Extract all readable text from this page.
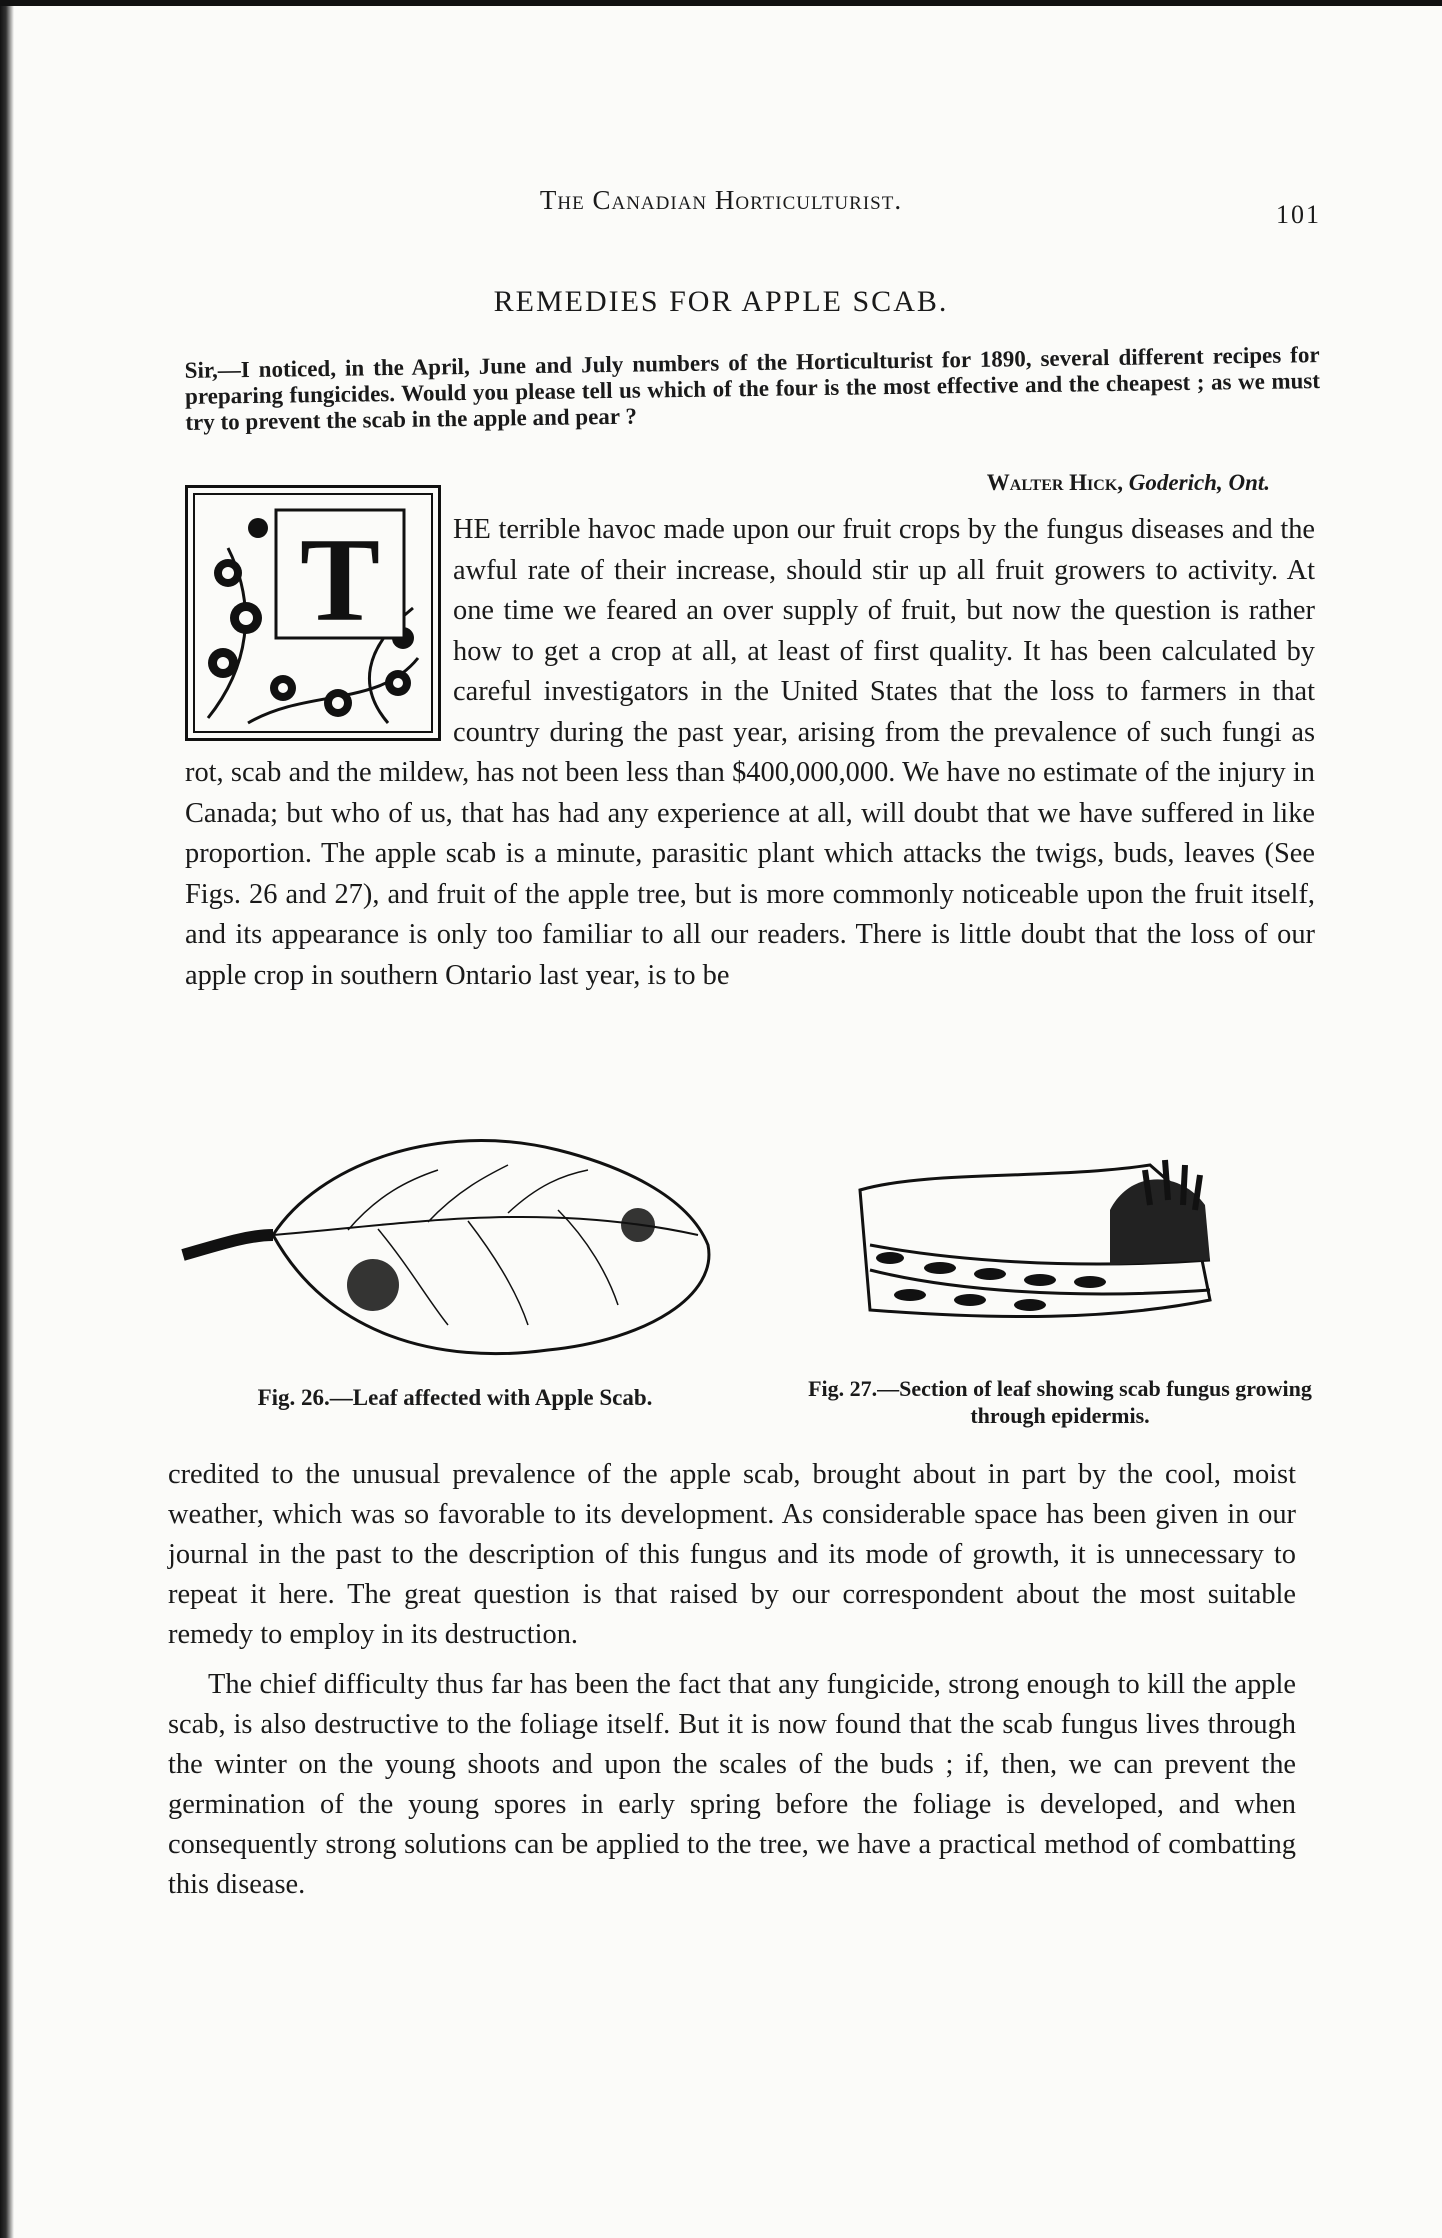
The Canadian Horticulturist.	101
REMEDIES FOR APPLE SCAB.
Sir,—I noticed, in the April, June and July numbers of the Horticulturist for 1890, several different recipes for preparing fungicides. Would you please tell us which of the four is the most effective and the cheapest ; as we must try to prevent the scab in the apple and pear ?
Walter Hick, Goderich, Ont.
T	HE terrible havoc made upon our fruit crops by the fungus diseases and the awful rate of their increase, should stir up all fruit growers to activity. At one time we feared an over supply of fruit, but now the question is rather how to get a crop at all, at least of first quality. It has been calculated by careful investigators in the United States that the loss to farmers in that country during the past year, arising from the prevalence of such fungi as rot, scab and the mildew, has not been less than $400,000,000. We have no estimate of the injury in Canada; but who of us, that has had any experience at all, will doubt that we have suffered in like proportion. The apple scab is a minute, parasitic plant which attacks the twigs, buds, leaves (See Figs. 26 and 27), and fruit of the apple tree, but is more commonly noticeable upon the fruit itself, and its appearance is only too familiar to all our readers. There is little doubt that the loss of our apple crop in southern Ontario last year, is to be

Fig. 26.—Leaf affected with Apple Scab.	Fig. 27.—Section of leaf showing scab fungus growing through epidermis.

credited to the unusual prevalence of the apple scab, brought about in part by the cool, moist weather, which was so favorable to its development. As considerable space has been given in our journal in the past to the description of this fungus and its mode of growth, it is unnecessary to repeat it here. The great question is that raised by our correspondent about the most suitable remedy to employ in its destruction.

The chief difficulty thus far has been the fact that any fungicide, strong enough to kill the apple scab, is also destructive to the foliage itself. But it is now found that the scab fungus lives through the winter on the young shoots and upon the scales of the buds ; if, then, we can prevent the germination of the young spores in early spring before the foliage is developed, and when consequently strong solutions can be applied to the tree, we have a practical method of combatting this disease.
